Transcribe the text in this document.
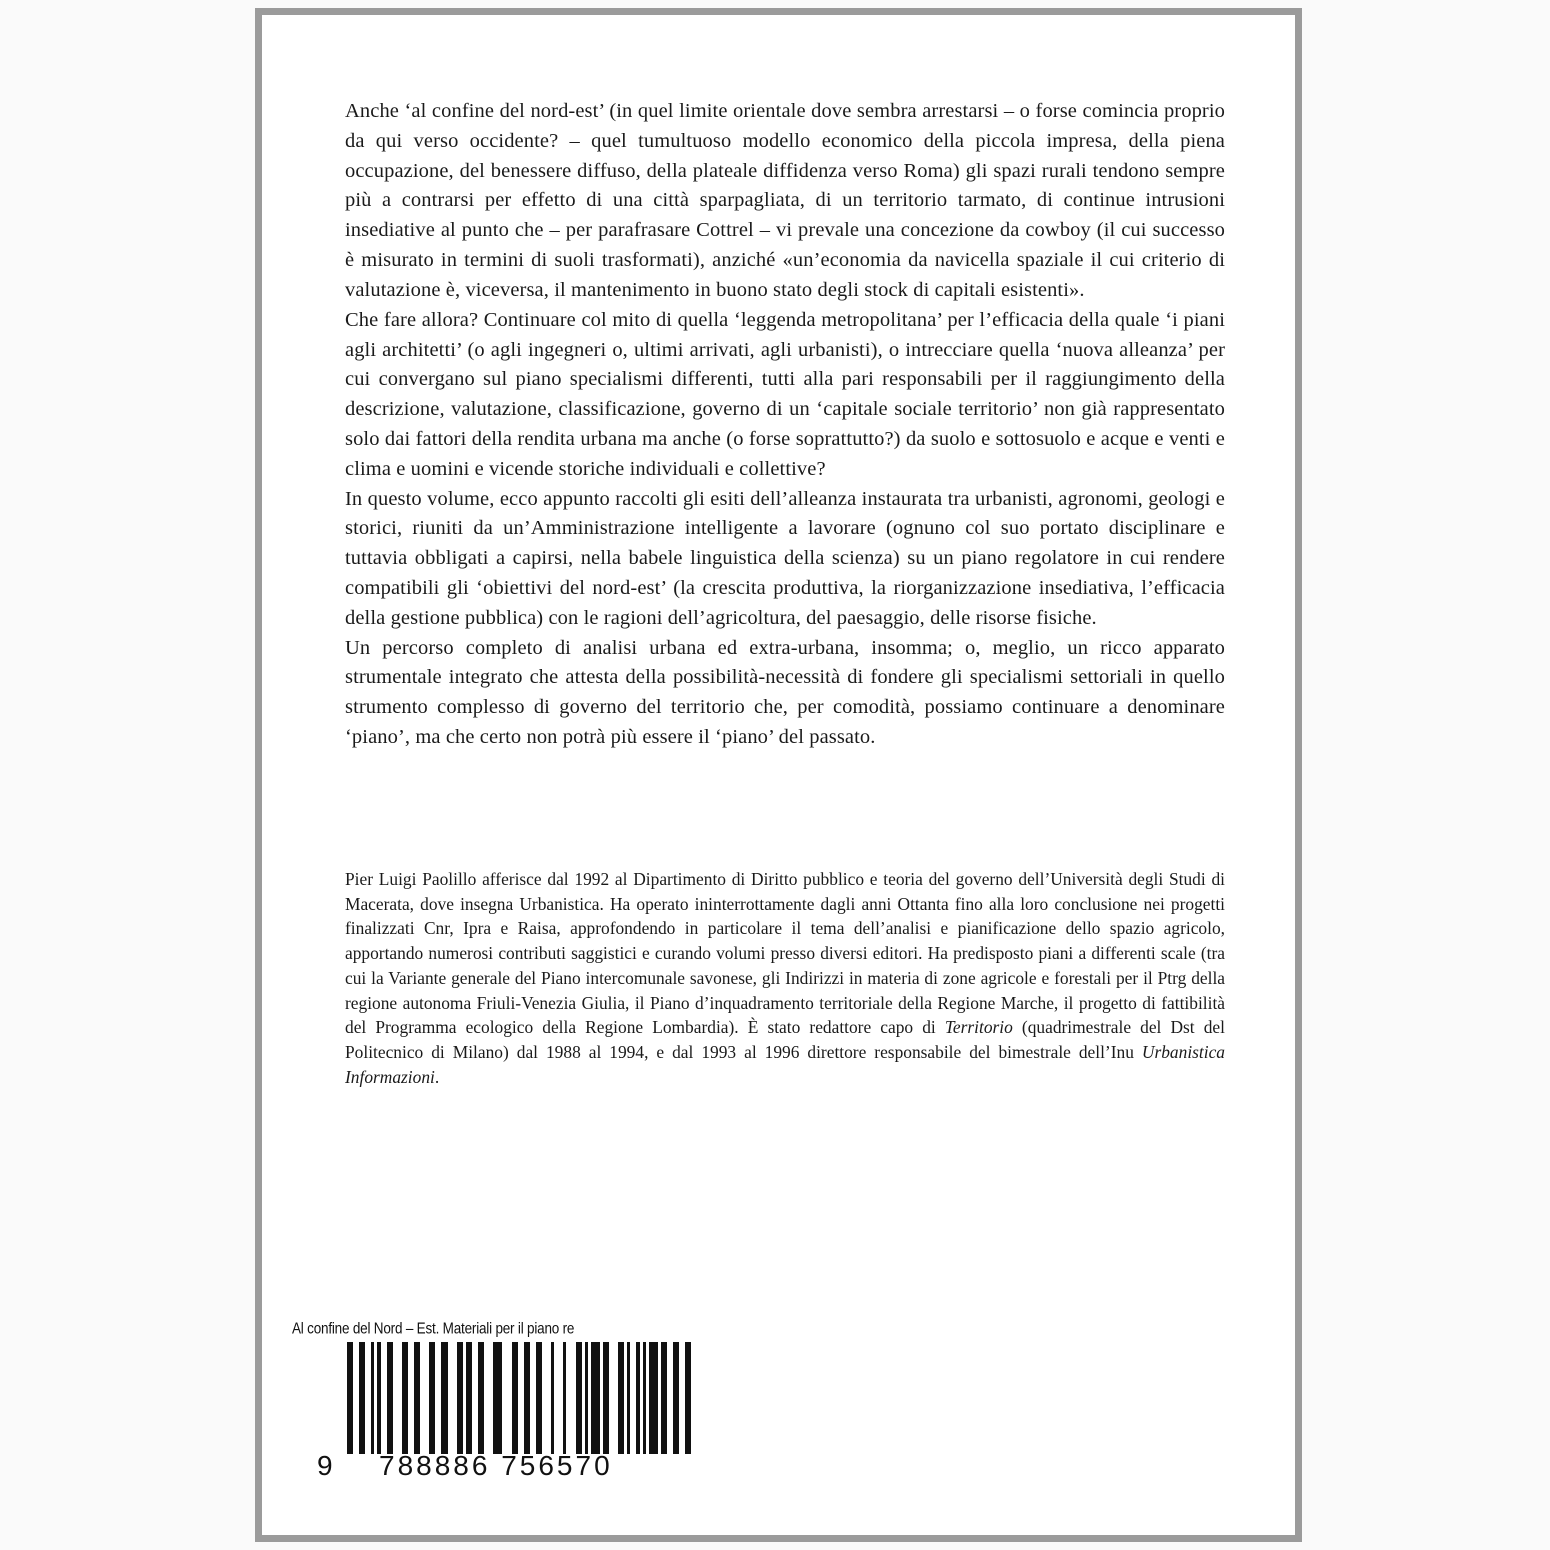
Anche ‘al confine del nord-est’ (in quel limite orientale dove sembra arrestarsi – o forse comincia proprio da qui verso occidente? – quel tumultuoso modello economico della piccola impresa, della piena occupazione, del benessere diffuso, della plateale diffidenza verso Roma) gli spazi rurali tendono sempre più a contrarsi per effetto di una città sparpagliata, di un territorio tarmato, di continue intrusioni insediative al punto che – per parafrasare Cottrel – vi prevale una concezione da cowboy (il cui successo è misurato in termini di suoli trasformati), anziché «un’economia da navicella spaziale il cui criterio di valutazione è, viceversa, il mantenimento in buono stato degli stock di capitali esistenti».

Che fare allora? Continuare col mito di quella ‘leggenda metropolitana’ per l’efficacia della quale ‘i piani agli architetti’ (o agli ingegneri o, ultimi arrivati, agli urbanisti), o intrecciare quella ‘nuova alleanza’ per cui convergano sul piano specialismi differenti, tutti alla pari responsabili per il raggiungimento della descrizione, valutazione, classificazione, governo di un ‘capitale sociale territorio’ non già rappresentato solo dai fattori della rendita urbana ma anche (o forse soprattutto?) da suolo e sottosuolo e acque e venti e clima e uomini e vicende storiche individuali e collettive?

In questo volume, ecco appunto raccolti gli esiti dell’alleanza instaurata tra urbanisti, agronomi, geologi e storici, riuniti da un’Amministrazione intelligente a lavorare (ognuno col suo portato disciplinare e tuttavia obbligati a capirsi, nella babele linguistica della scienza) su un piano regolatore in cui rendere compatibili gli ‘obiettivi del nord-est’ (la crescita produttiva, la riorganizzazione insediativa, l’efficacia della gestione pubblica) con le ragioni dell’agricoltura, del paesaggio, delle risorse fisiche.

Un percorso completo di analisi urbana ed extra-urbana, insomma; o, meglio, un ricco apparato strumentale integrato che attesta della possibilità-necessità di fondere gli specialismi settoriali in quello strumento complesso di governo del territorio che, per comodità, possiamo continuare a denominare ‘piano’, ma che certo non potrà più essere il ‘piano’ del passato.

Pier Luigi Paolillo afferisce dal 1992 al Dipartimento di Diritto pubblico e teoria del governo dell’Università degli Studi di Macerata, dove insegna Urbanistica. Ha operato ininterrottamente dagli anni Ottanta fino alla loro conclusione nei progetti finalizzati Cnr, Ipra e Raisa, approfondendo in particolare il tema dell’analisi e pianificazione dello spazio agricolo, apportando numerosi contributi saggistici e curando volumi presso diversi editori. Ha predisposto piani a differenti scale (tra cui la Variante generale del Piano intercomunale savonese, gli Indirizzi in materia di zone agricole e forestali per il Ptrg della regione autonoma Friuli-Venezia Giulia, il Piano d’inquadramento territoriale della Regione Marche, il progetto di fattibilità del Programma ecologico della Regione Lombardia). È stato redattore capo di Territorio (quadrimestrale del Dst del Politecnico di Milano) dal 1988 al 1994, e dal 1993 al 1996 direttore responsabile del bimestrale dell’Inu Urbanistica Informazioni.

Al confine del Nord – Est. Materiali per il piano re
9 788886 756570
